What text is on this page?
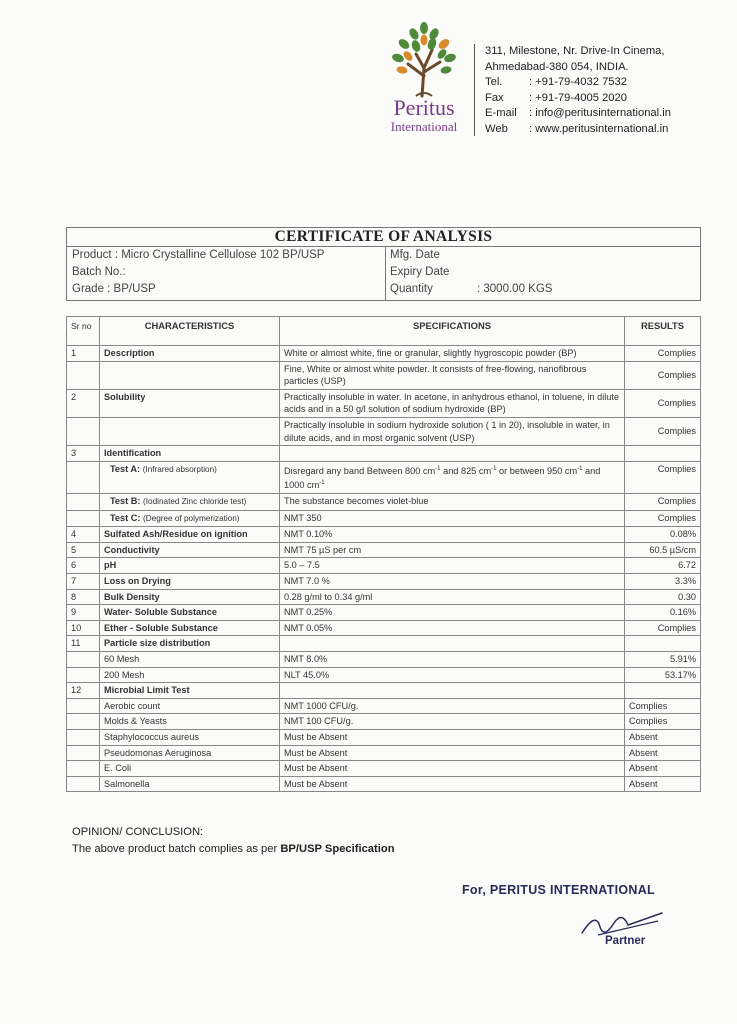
Peritus
International
311, Milestone, Nr. Drive-In Cinema,
Ahmedabad-380 054, INDIA.
Tel. : +91-79-4032 7532
Fax : +91-79-4005 2020
E-mail : info@peritusinternational.in
Web : www.peritusinternational.in
CERTIFICATE OF ANALYSIS
Product : Micro Crystalline Cellulose 102 BP/USP
Batch No.:
Grade : BP/USP
Mfg. Date
Expiry Date
Quantity	: 3000.00 KGS
Sr no	CHARACTERISTICS	SPECIFICATIONS	RESULTS
1	Description	White or almost white, fine or granular, slightly hygroscopic powder (BP)	Complies
		Fine, White or almost white powder. It consists of free-flowing, nanofibrous particles (USP)	Complies
2	Solubility	Practically insoluble in water. In acetone, in anhydrous ethanol, in toluene, in dilute acids and in a 50 g/l solution of sodium hydroxide (BP)	Complies
		Practically insoluble in sodium hydroxide solution ( 1 in 20), insoluble in water, in dilute acids, and in most organic solvent (USP)	Complies
3	Identification		
	Test A: (Infrared absorption)	Disregard any band Between 800 $cm^{-1}$ and 825 $cm^{-1}$ or between 950 $cm^{-1}$ and 1000 $cm^{-1}$	Complies
	Test B: (Iodinated Zinc chloride test)	The substance becomes violet-blue	Complies
	Test C: (Degree of polymerization)	NMT 350	Complies
4	Sulfated Ash/Residue on ignition	NMT 0.10%	0.08%
5	Conductivity	NMT 75 µS per cm	60.5 µS/cm
6	pH	5.0 – 7.5	6.72
7	Loss on Drying	NMT 7.0 %	3.3%
8	Bulk Density	0.28 g/ml to 0.34 g/ml	0.30
9	Water- Soluble Substance	NMT 0.25%	0.16%
10	Ether - Soluble Substance	NMT 0.05%	Complies
11	Particle size distribution		
	60 Mesh	NMT 8.0%	5.91%
	200 Mesh	NLT 45.0%	53.17%
12	Microbial Limit Test		
	Aerobic count	NMT 1000 CFU/g.	Complies
	Molds & Yeasts	NMT 100 CFU/g.	Complies
	Staphylococcus aureus	Must be Absent	Absent
	Pseudomonas Aeruginosa	Must be Absent	Absent
	E. Coli	Must be Absent	Absent
	Salmonella	Must be Absent	Absent
OPINION/ CONCLUSION:
The above product batch complies as per BP/USP Specification
For, PERITUS INTERNATIONAL
Partner
